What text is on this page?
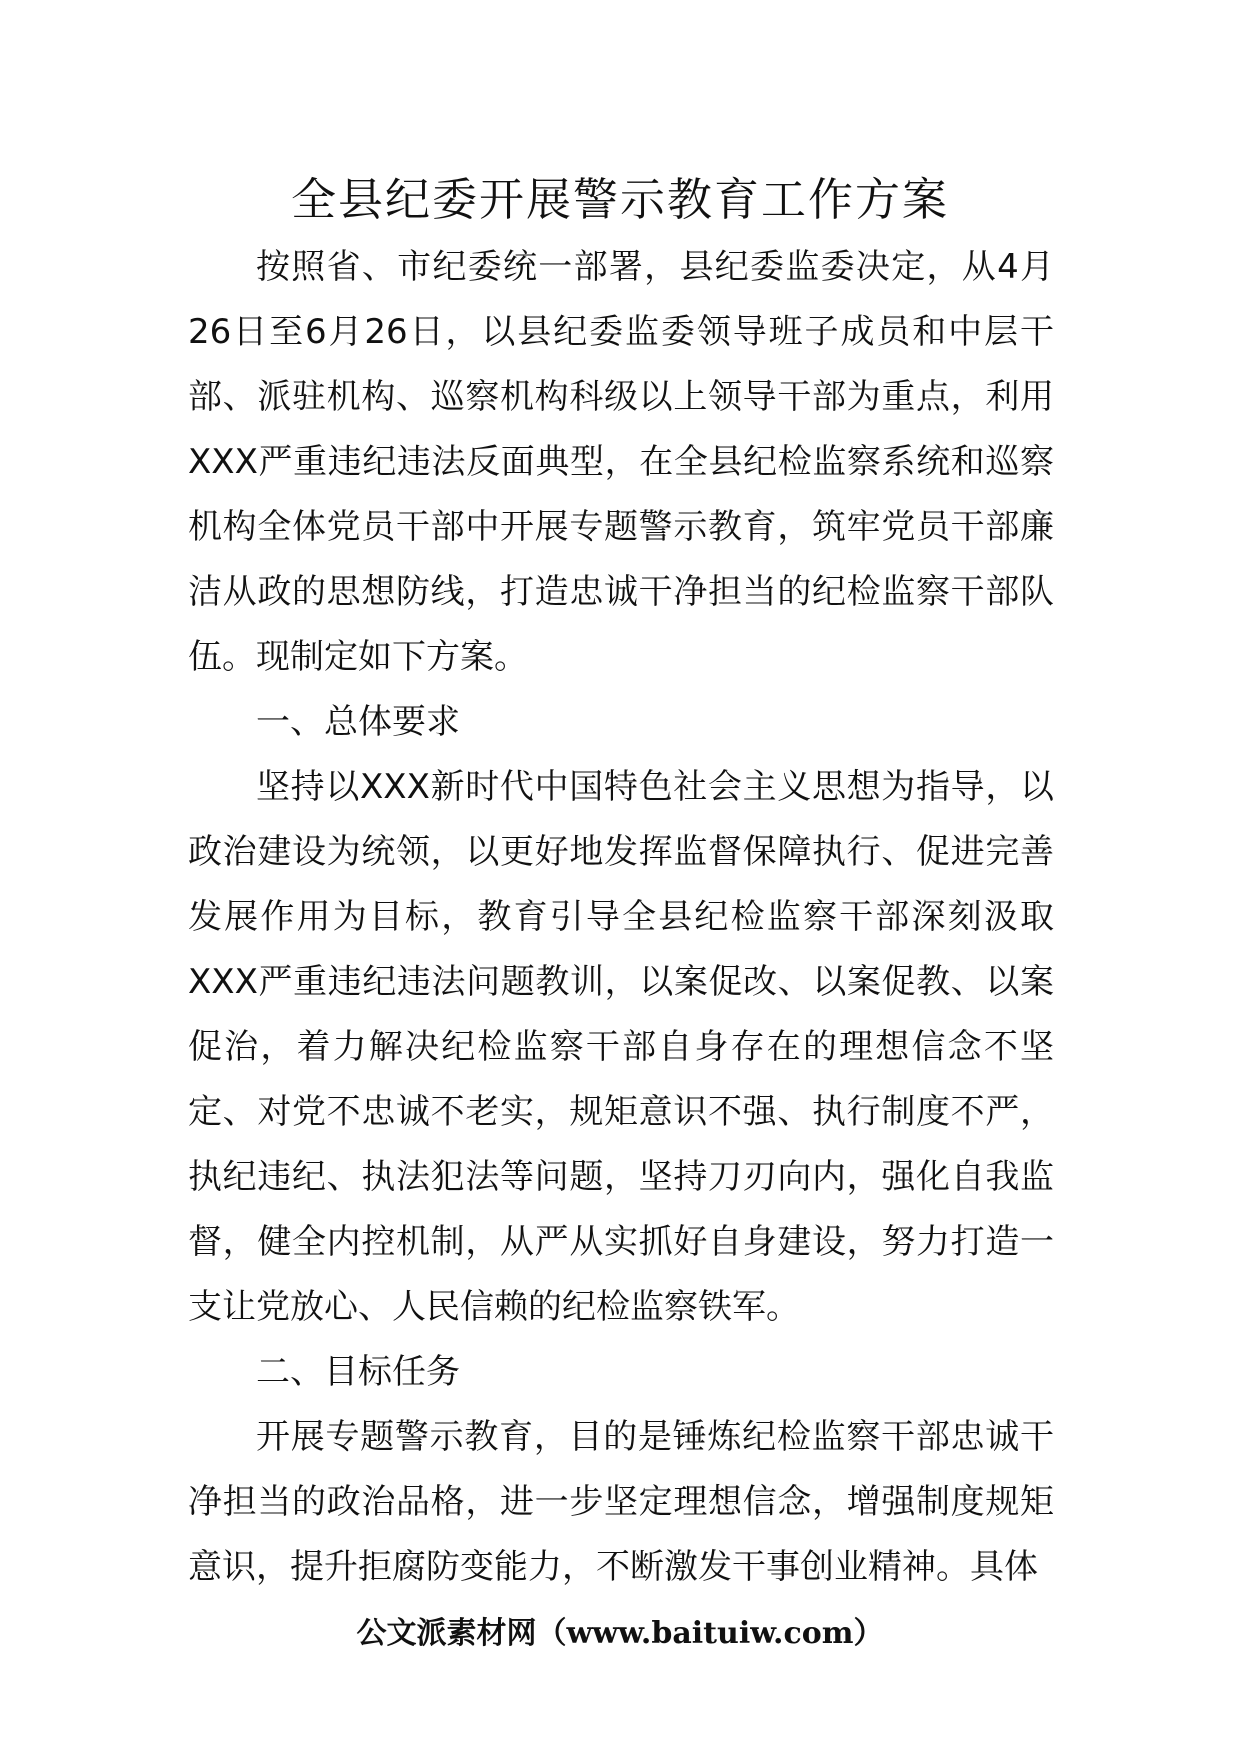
全县纪委开展警示教育工作方案

按照省、市纪委统一部署，县纪委监委决定，从4月26日至6月26日，以县纪委监委领导班子成员和中层干部、派驻机构、巡察机构科级以上领导干部为重点，利用XXX严重违纪违法反面典型，在全县纪检监察系统和巡察机构全体党员干部中开展专题警示教育，筑牢党员干部廉洁从政的思想防线，打造忠诚干净担当的纪检监察干部队伍。现制定如下方案。

一、总体要求

坚持以XXX新时代中国特色社会主义思想为指导，以政治建设为统领，以更好地发挥监督保障执行、促进完善发展作用为目标，教育引导全县纪检监察干部深刻汲取XXX严重违纪违法问题教训，以案促改、以案促教、以案促治，着力解决纪检监察干部自身存在的理想信念不坚定、对党不忠诚不老实，规矩意识不强、执行制度不严，执纪违纪、执法犯法等问题，坚持刀刃向内，强化自我监督，健全内控机制，从严从实抓好自身建设，努力打造一支让党放心、人民信赖的纪检监察铁军。

二、目标任务

开展专题警示教育，目的是锤炼纪检监察干部忠诚干净担当的政治品格，进一步坚定理想信念，增强制度规矩意识，提升拒腐防变能力，不断激发干事创业精神。具体

公文派素材网（www.baituiw.com）
